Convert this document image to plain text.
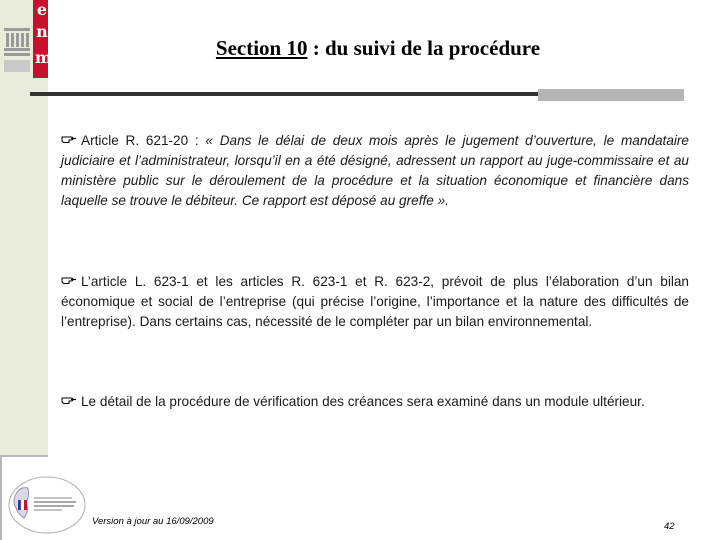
e
n
m	Section 10 : du suivi de la procédure

Article R. 621-20 : « Dans le délai de deux mois après le jugement d’ouverture, le mandataire judiciaire et l’administrateur, lorsqu’il en a été désigné, adressent un rapport au juge-commissaire et au ministère public sur le déroulement de la procédure et la situation économique et financière dans laquelle se trouve le débiteur. Ce rapport est déposé au greffe ».

L’article L. 623-1 et les articles R. 623-1 et R. 623-2, prévoit de plus l’élaboration d’un bilan économique et social de l’entreprise (qui précise l’origine, l’importance et la nature des difficultés de l’entreprise). Dans certains cas, nécessité de le compléter par un bilan environnemental.

Le détail de la procédure de vérification des créances sera examiné dans un module ultérieur.

Version à jour au 16/09/2009	42
